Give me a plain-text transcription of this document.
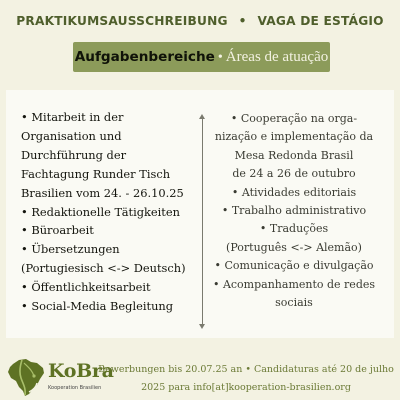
PRAKTIKUMSAUSSCHREIBUNG • VAGA DE ESTÁGIO
Aufgabenbereiche • Áreas de atuação
• Mitarbeit in der
Organisation und
Durchführung der
Fachtagung Runder Tisch
Brasilien vom 24. - 26.10.25
• Redaktionelle Tätigkeiten
• Büroarbeit
• Übersetzungen
(Portugiesisch <-> Deutsch)
• Öffentlichkeitsarbeit
• Social-Media Begleitung
• Cooperação na orga-
nização e implementação da
Mesa Redonda Brasil
de 24 a 26 de outubro
• Atividades editoriais
• Trabalho administrativo
• Traduções
(Português <-> Alemão)
• Comunicação e divulgação
• Acompanhamento de redes
sociais
KoBra
Kooperation Brasilien
Bewerbungen bis 20.07.25 an • Candidaturas até 20 de julho
2025 para info[at]kooperation-brasilien.org
